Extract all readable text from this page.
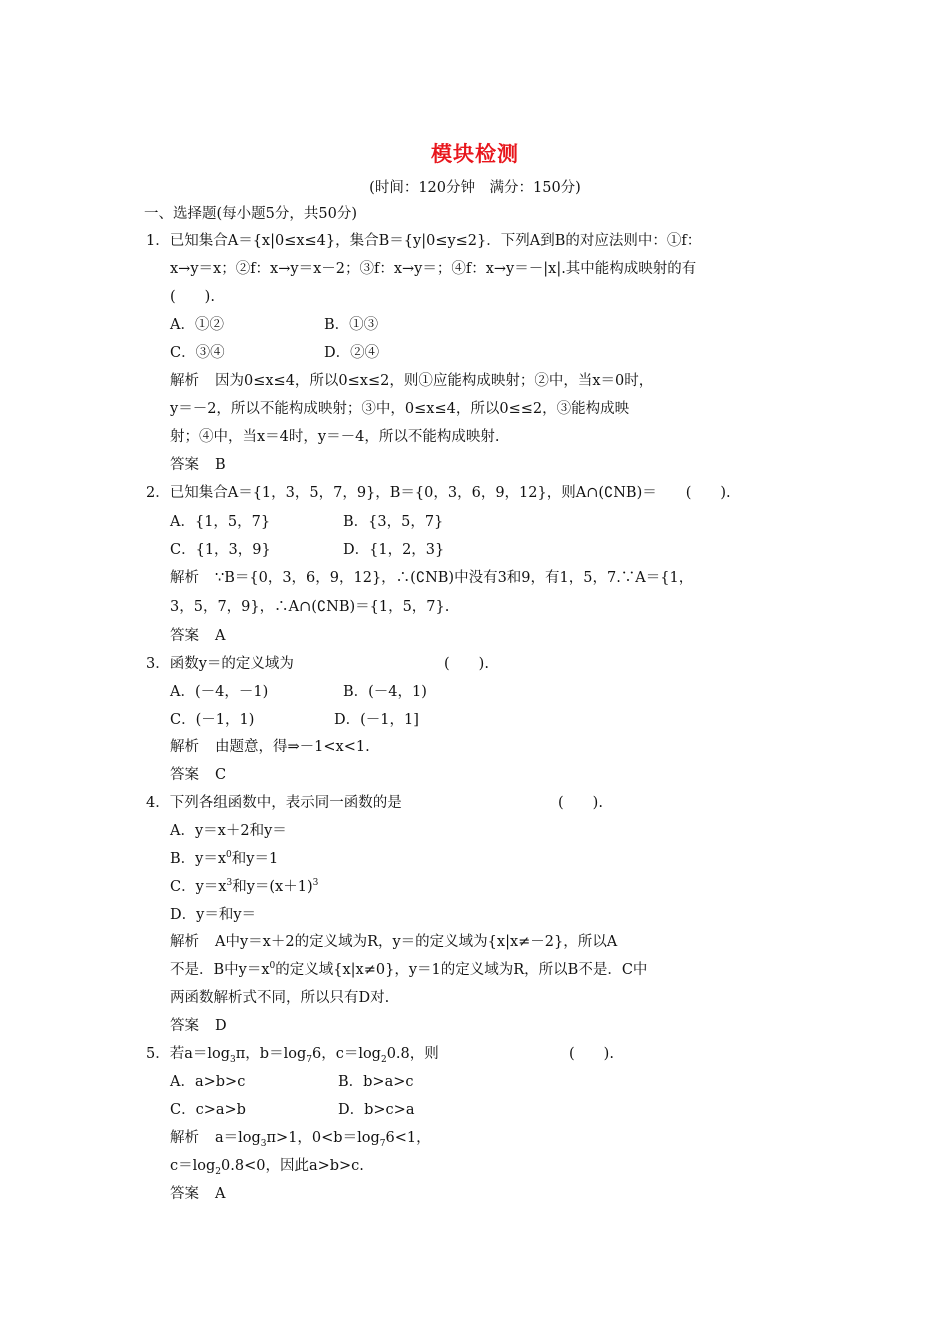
模块检测
(时间：120分钟　满分：150分)
一、选择题(每小题5分，共50分)
1．已知集合A＝{x|0≤x≤4}，集合B＝{y|0≤y≤2}．下列A到B的对应法则中：①f：
x→y＝x；②f：x→y＝x－2；③f：x→y＝；④f：x→y＝－|x|.其中能构成映射的有
(　　).
A．①②	B．①③
C．③④	D．②④
解析 因为0≤x≤4，所以0≤x≤2，则①应能构成映射；②中，当x＝0时，
y＝－2，所以不能构成映射；③中，0≤x≤4，所以0≤≤2，③能构成映
射；④中，当x＝4时，y＝－4，所以不能构成映射.
答案 B
2．已知集合A＝{1，3，5，7，9}，B＝{0，3，6，9，12}，则A∩(∁NB)＝　　(　　).
A．{1，5，7}	B．{3，5，7}
C．{1，3，9}	D．{1，2，3}
解析 ∵B＝{0，3，6，9，12}，∴(∁NB)中没有3和9，有1，5，7.∵A＝{1，
3，5，7，9}，∴A∩(∁NB)＝{1，5，7}.
答案 A
3．函数y＝的定义域为	(　　).
A．(－4，－1)	B．(－4，1)
C．(－1，1)	D．(－1，1]
解析 由题意，得⇒－1<x<1.
答案 C
4．下列各组函数中，表示同一函数的是	(　　).
A．y＝x＋2和y＝
B．$y=x^0$和y＝1
C．$y=x^3$和$y=(x+1)^3$
D．y＝和y＝
解析 A中y＝x＋2的定义域为R，y＝的定义域为{x|x≠－2}，所以A
不是．B中$y=x^0$的定义域{x|x≠0}，y＝1的定义域为R，所以B不是．C中
两函数解析式不同，所以只有D对.
答案 D
5．若$a=\log_3\pi$，$b=\log_76$，$c=\log_20.8$，则	(　　).
A．a>b>c	B．b>a>c
C．c>a>b	D．b>c>a
解析 $a=\log_3\pi>1$，$0<b=\log_76<1$，
$c=\log_20.8<0$，因此a>b>c.
答案 A
